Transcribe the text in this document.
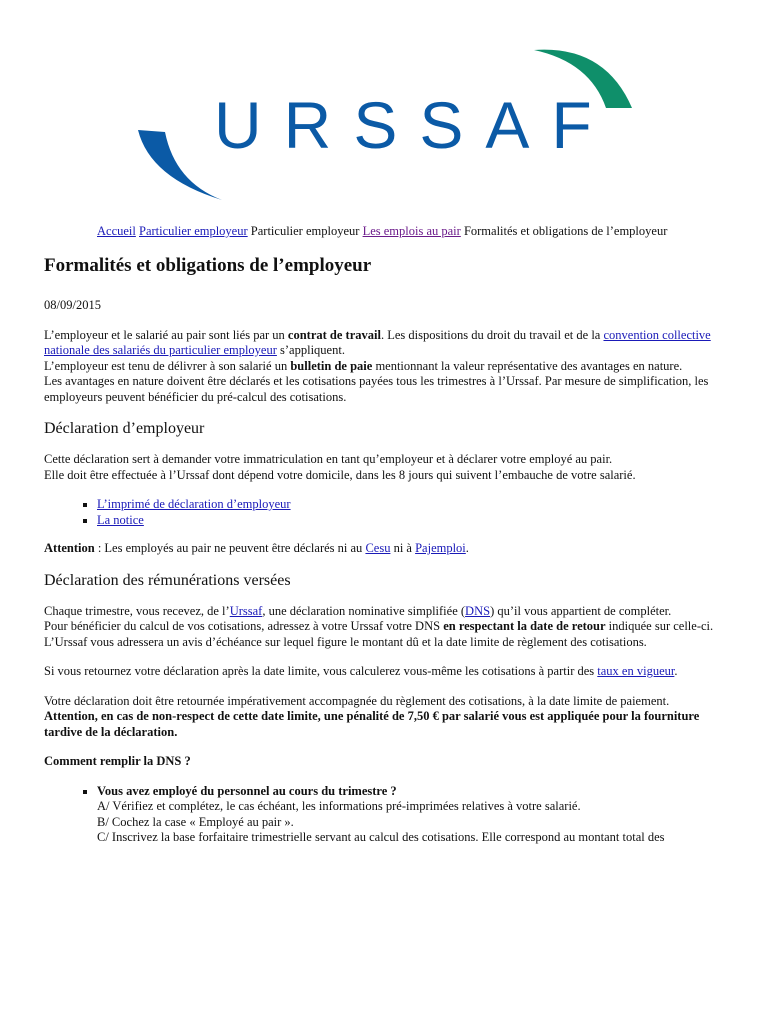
URSSAF
Accueil Particulier employeur Particulier employeur Les emplois au pair Formalités et obligations de l’employeur
Formalités et obligations de l’employeur
08/09/2015

L’employeur et le salarié au pair sont liés par un contrat de travail. Les dispositions du droit du travail et de la convention collective nationale des salariés du particulier employeur s’appliquent.
L’employeur est tenu de délivrer à son salarié un bulletin de paie mentionnant la valeur représentative des avantages en nature.
Les avantages en nature doivent être déclarés et les cotisations payées tous les trimestres à l’Urssaf. Par mesure de simplification, les employeurs peuvent bénéficier du pré-calcul des cotisations.

Déclaration d’employeur

Cette déclaration sert à demander votre immatriculation en tant qu’employeur et à déclarer votre employé au pair.
Elle doit être effectuée à l’Urssaf dont dépend votre domicile, dans les 8 jours qui suivent l’embauche de votre salarié.

▪ L’imprimé de déclaration d’employeur
▪ La notice

Attention : Les employés au pair ne peuvent être déclarés ni au Cesu ni à Pajemploi.

Déclaration des rémunérations versées

Chaque trimestre, vous recevez, de l’Urssaf, une déclaration nominative simplifiée (DNS) qu’il vous appartient de compléter.
Pour bénéficier du calcul de vos cotisations, adressez à votre Urssaf votre DNS en respectant la date de retour indiquée sur celle-ci.
L’Urssaf vous adressera un avis d’échéance sur lequel figure le montant dû et la date limite de règlement des cotisations.

Si vous retournez votre déclaration après la date limite, vous calculerez vous-même les cotisations à partir des taux en vigueur.

Votre déclaration doit être retournée impérativement accompagnée du règlement des cotisations, à la date limite de paiement.
Attention, en cas de non-respect de cette date limite, une pénalité de 7,50 € par salarié vous est appliquée pour la fourniture tardive de la déclaration.

Comment remplir la DNS ?

▪ Vous avez employé du personnel au cours du trimestre ?
A/ Vérifiez et complétez, le cas échéant, les informations pré-imprimées relatives à votre salarié.
B/ Cochez la case « Employé au pair ».
C/ Inscrivez la base forfaitaire trimestrielle servant au calcul des cotisations. Elle correspond au montant total des
